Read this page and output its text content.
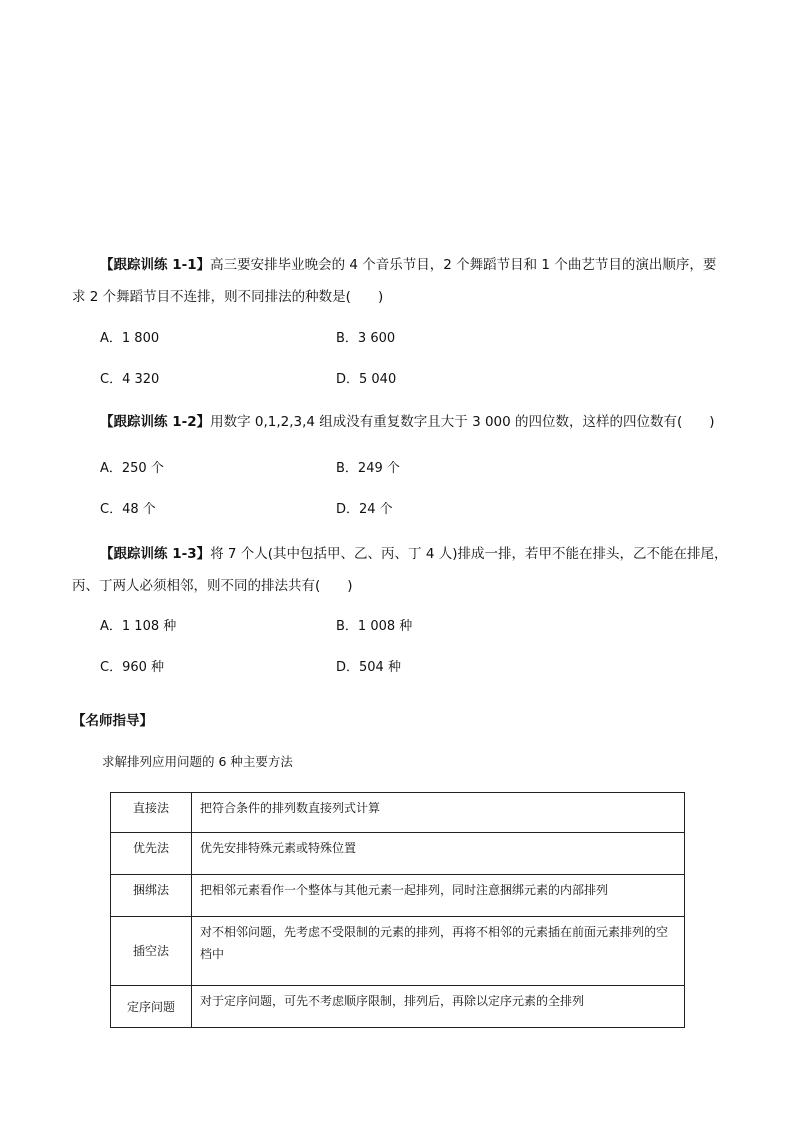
【跟踪训练 1-1】高三要安排毕业晚会的 4 个音乐节目，2 个舞蹈节目和 1 个曲艺节目的演出顺序，要
求 2 个舞蹈节目不连排，则不同排法的种数是(　　)
A．1 800	B．3 600
C．4 320	D．5 040
【跟踪训练 1-2】用数字 0,1,2,3,4 组成没有重复数字且大于 3 000 的四位数，这样的四位数有(　　)
A．250 个	B．249 个
C．48 个	D．24 个
【跟踪训练 1-3】将 7 个人(其中包括甲、乙、丙、丁 4 人)排成一排，若甲不能在排头，乙不能在排尾，
丙、丁两人必须相邻，则不同的排法共有(　　)
A．1 108 种	B．1 008 种
C．960 种	D．504 种
【名师指导】
求解排列应用问题的 6 种主要方法
直接法	把符合条件的排列数直接列式计算
优先法	优先安排特殊元素或特殊位置
捆绑法	把相邻元素看作一个整体与其他元素一起排列，同时注意捆绑元素的内部排列
插空法	对不相邻问题，先考虑不受限制的元素的排列，再将不相邻的元素插在前面元素排列的空档中
定序问题	对于定序问题，可先不考虑顺序限制，排列后，再除以定序元素的全排列
